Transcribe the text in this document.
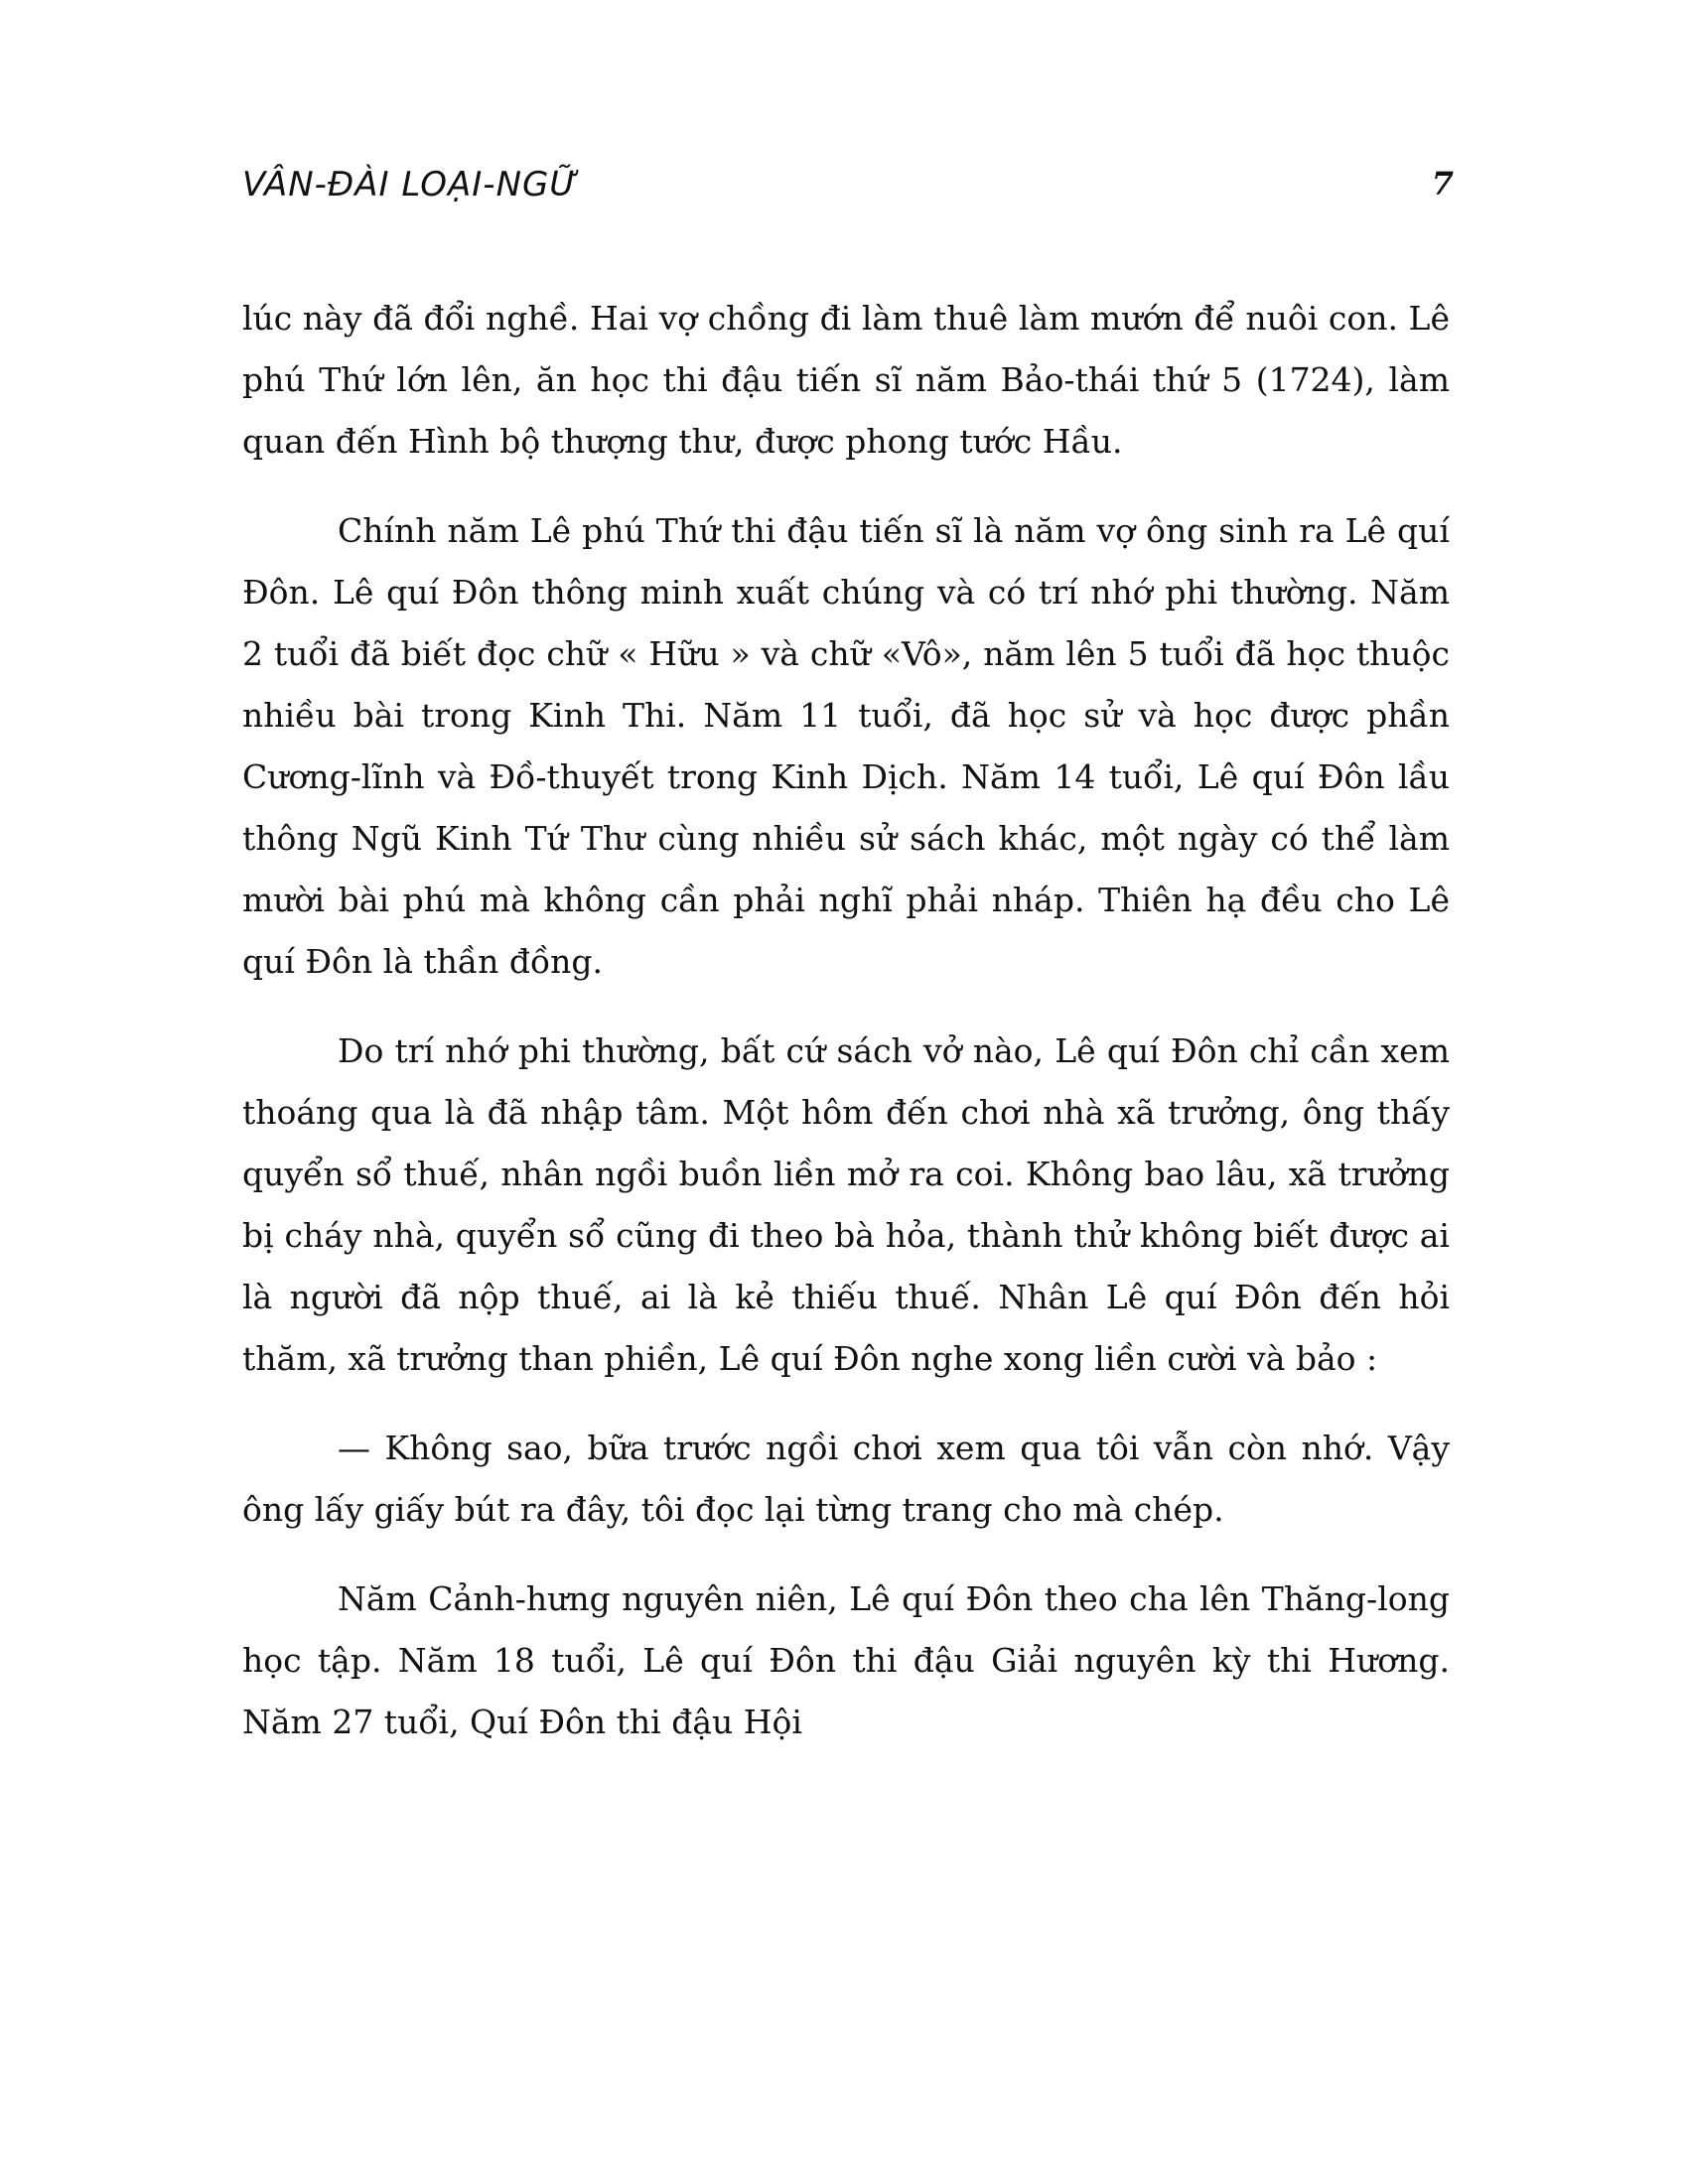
VÂN-ĐÀI LOẠI-NGỮ	7

lúc này đã đổi nghề. Hai vợ chồng đi làm thuê làm mướn để nuôi con. Lê phú Thứ lớn lên, ăn học thi đậu tiến sĩ năm Bảo-thái thứ 5 (1724), làm quan đến Hình bộ thượng thư, được phong tước Hầu.

Chính năm Lê phú Thứ thi đậu tiến sĩ là năm vợ ông sinh ra Lê quí Đôn. Lê quí Đôn thông minh xuất chúng và có trí nhớ phi thường. Năm 2 tuổi đã biết đọc chữ « Hữu » và chữ «Vô», năm lên 5 tuổi đã học thuộc nhiều bài trong Kinh Thi. Năm 11 tuổi, đã học sử và học được phần Cương-lĩnh và Đồ-thuyết trong Kinh Dịch. Năm 14 tuổi, Lê quí Đôn lầu thông Ngũ Kinh Tứ Thư cùng nhiều sử sách khác, một ngày có thể làm mười bài phú mà không cần phải nghĩ phải nháp. Thiên hạ đều cho Lê quí Đôn là thần đồng.

Do trí nhớ phi thường, bất cứ sách vở nào, Lê quí Đôn chỉ cần xem thoáng qua là đã nhập tâm. Một hôm đến chơi nhà xã trưởng, ông thấy quyển sổ thuế, nhân ngồi buồn liền mở ra coi. Không bao lâu, xã trưởng bị cháy nhà, quyển sổ cũng đi theo bà hỏa, thành thử không biết được ai là người đã nộp thuế, ai là kẻ thiếu thuế. Nhân Lê quí Đôn đến hỏi thăm, xã trưởng than phiền, Lê quí Đôn nghe xong liền cười và bảo :

— Không sao, bữa trước ngồi chơi xem qua tôi vẫn còn nhớ. Vậy ông lấy giấy bút ra đây, tôi đọc lại từng trang cho mà chép.

Năm Cảnh-hưng nguyên niên, Lê quí Đôn theo cha lên Thăng-long học tập. Năm 18 tuổi, Lê quí Đôn thi đậu Giải nguyên kỳ thi Hương. Năm 27 tuổi, Quí Đôn thi đậu Hội
